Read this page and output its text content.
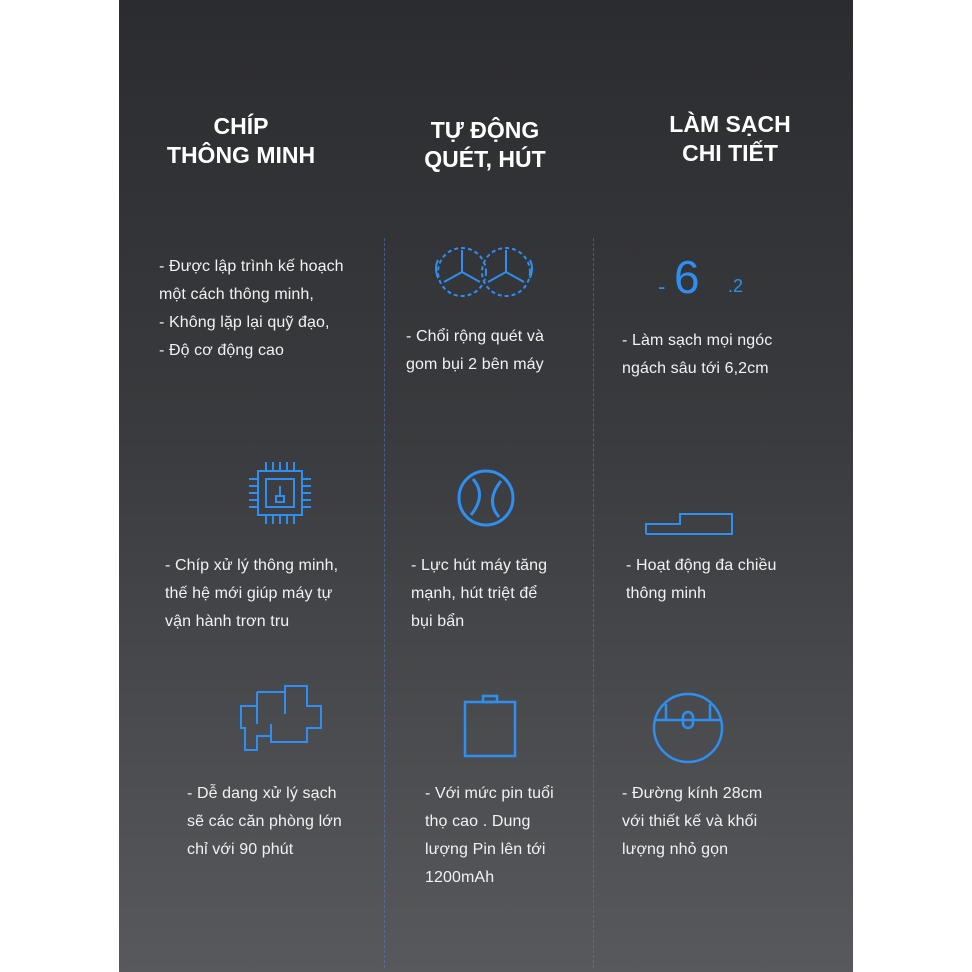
CHÍP
THÔNG MINH
- Được lập trình kế hoạch
một cách thông minh,
- Không lặp lại quỹ đạo,
- Độ cơ động cao
- Chíp xử lý thông minh,
thế hệ mới giúp máy tự
vận hành trơn tru
- Dễ dang xử lý sạch
sẽ các căn phòng lớn
chỉ với 90 phút
TỰ ĐỘNG
QUÉT, HÚT
- Chổi rộng quét và
gom bụi 2 bên máy
- Lực hút máy tăng
mạnh, hút triệt để
bụi bẩn
- Với mức pin tuổi
thọ cao . Dung
lượng Pin lên tới
1200mAh
LÀM SẠCH
CHI TIẾT
- 6 .2
- Làm sạch mọi ngóc
ngách sâu tới 6,2cm
- Hoạt động đa chiều
thông minh
- Đường kính 28cm
với thiết kế và khối
lượng nhỏ gọn
